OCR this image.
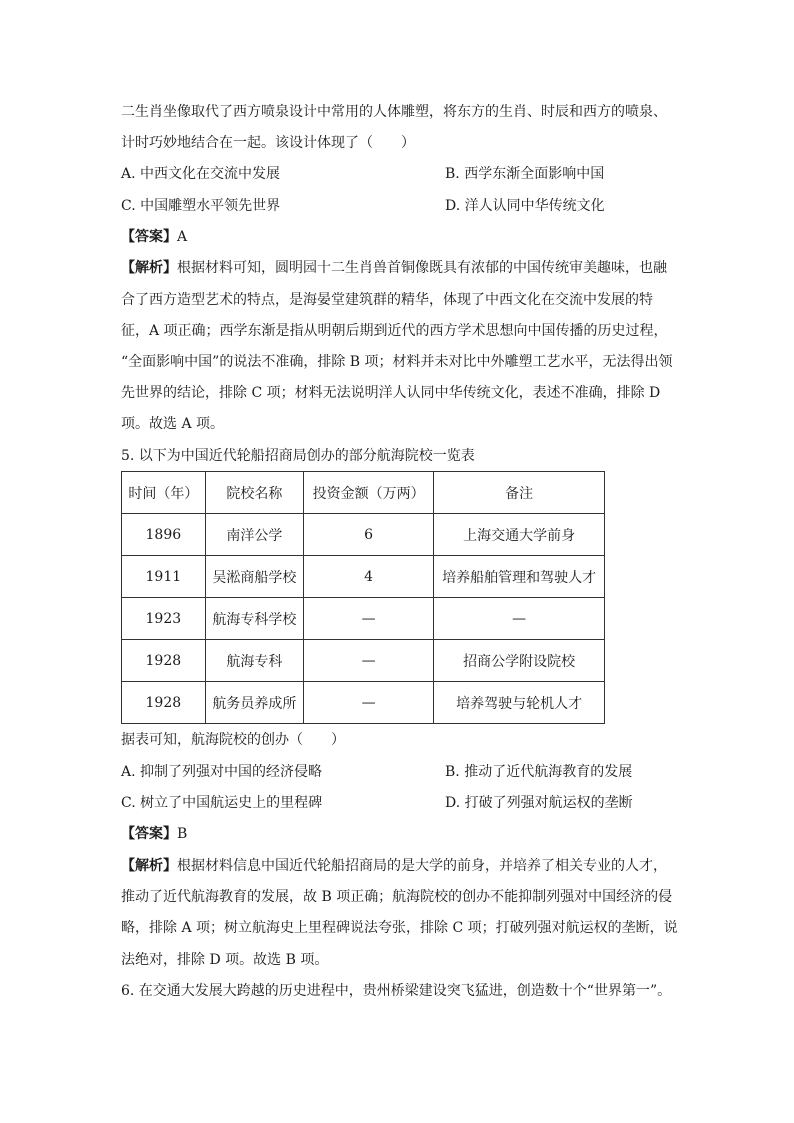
二生肖坐像取代了西方喷泉设计中常用的人体雕塑，将东方的生肖、时辰和西方的喷泉、
计时巧妙地结合在一起。该设计体现了（　　）
A. 中西文化在交流中发展	B. 西学东渐全面影响中国
C. 中国雕塑水平领先世界	D. 洋人认同中华传统文化
【答案】A
【解析】根据材料可知，圆明园十二生肖兽首铜像既具有浓郁的中国传统审美趣味，也融
合了西方造型艺术的特点，是海晏堂建筑群的精华，体现了中西文化在交流中发展的特
征，A 项正确；西学东渐是指从明朝后期到近代的西方学术思想向中国传播的历史过程，
“全面影响中国”的说法不准确，排除 B 项；材料并未对比中外雕塑工艺水平，无法得出领
先世界的结论，排除 C 项；材料无法说明洋人认同中华传统文化，表述不准确，排除 D
项。故选 A 项。
5. 以下为中国近代轮船招商局创办的部分航海院校一览表
时间（年）	院校名称	投资金额（万两）	备注
1896	南洋公学	6	上海交通大学前身
1911	吴淞商船学校	4	培养船舶管理和驾驶人才
1923	航海专科学校	—	—
1928	航海专科	—	招商公学附设院校
1928	航务员养成所	—	培养驾驶与轮机人才
据表可知，航海院校的创办（　　）
A. 抑制了列强对中国的经济侵略	B. 推动了近代航海教育的发展
C. 树立了中国航运史上的里程碑	D. 打破了列强对航运权的垄断
【答案】B
【解析】根据材料信息中国近代轮船招商局的是大学的前身，并培养了相关专业的人才，
推动了近代航海教育的发展，故 B 项正确；航海院校的创办不能抑制列强对中国经济的侵
略，排除 A 项；树立航海史上里程碑说法夸张，排除 C 项；打破列强对航运权的垄断，说
法绝对，排除 D 项。故选 B 项。
6. 在交通大发展大跨越的历史进程中，贵州桥梁建设突飞猛进，创造数十个“世界第一”。
